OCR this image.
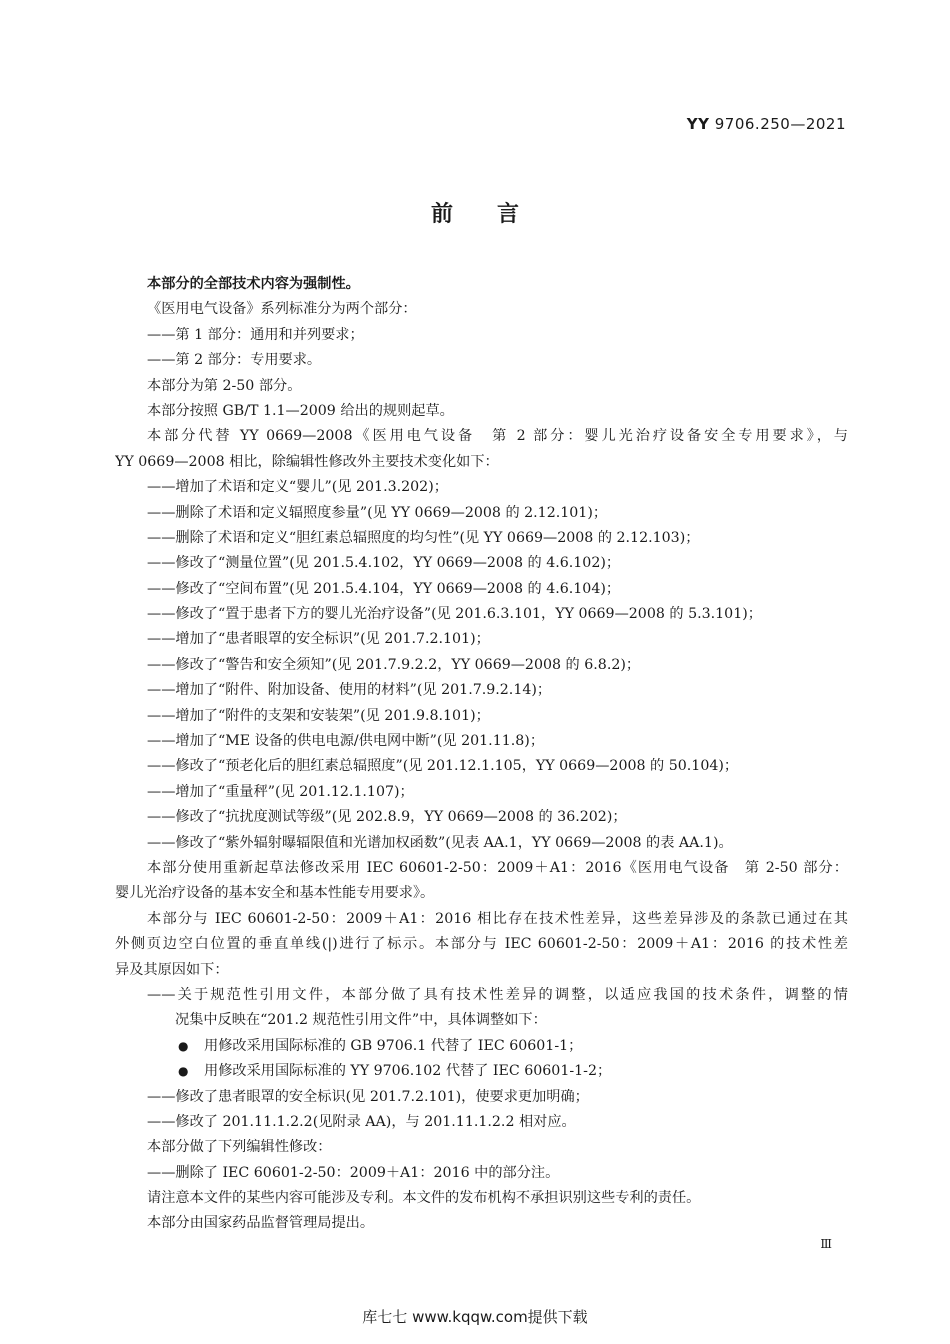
YY 9706.250—2021
前　　言
本部分的全部技术内容为强制性。
《医用电气设备》系列标准分为两个部分：
——第 1 部分：通用和并列要求；
——第 2 部分：专用要求。
本部分为第 2-50 部分。
本部分按照 GB/T 1.1—2009 给出的规则起草。
本部分代替 YY 0669—2008《医用电气设备　第 2 部分：婴儿光治疗设备安全专用要求》，与
YY 0669—2008 相比，除编辑性修改外主要技术变化如下：
——增加了术语和定义“婴儿”(见 201.3.202)；
——删除了术语和定义辐照度参量”(见 YY 0669—2008 的 2.12.101)；
——删除了术语和定义“胆红素总辐照度的均匀性”(见 YY 0669—2008 的 2.12.103)；
——修改了“测量位置”(见 201.5.4.102，YY 0669—2008 的 4.6.102)；
——修改了“空间布置”(见 201.5.4.104，YY 0669—2008 的 4.6.104)；
——修改了“置于患者下方的婴儿光治疗设备”(见 201.6.3.101，YY 0669—2008 的 5.3.101)；
——增加了“患者眼罩的安全标识”(见 201.7.2.101)；
——修改了“警告和安全须知”(见 201.7.9.2.2，YY 0669—2008 的 6.8.2)；
——增加了“附件、附加设备、使用的材料”(见 201.7.9.2.14)；
——增加了“附件的支架和安装架”(见 201.9.8.101)；
——增加了“ME 设备的供电电源/供电网中断”(见 201.11.8)；
——修改了“预老化后的胆红素总辐照度”(见 201.12.1.105，YY 0669—2008 的 50.104)；
——增加了“重量秤”(见 201.12.1.107)；
——修改了“抗扰度测试等级”(见 202.8.9，YY 0669—2008 的 36.202)；
——修改了“紫外辐射曝辐限值和光谱加权函数”(见表 AA.1，YY 0669—2008 的表 AA.1)。
本部分使用重新起草法修改采用 IEC 60601-2-50：2009＋A1：2016《医用电气设备　第 2-50 部分：
婴儿光治疗设备的基本安全和基本性能专用要求》。
本部分与 IEC 60601-2-50：2009＋A1：2016 相比存在技术性差异，这些差异涉及的条款已通过在其
外侧页边空白位置的垂直单线(|)进行了标示。本部分与 IEC 60601-2-50：2009＋A1：2016 的技术性差
异及其原因如下：
——关于规范性引用文件，本部分做了具有技术性差异的调整，以适应我国的技术条件，调整的情
况集中反映在“201.2 规范性引用文件”中，具体调整如下：
● 用修改采用国际标准的 GB 9706.1 代替了 IEC 60601-1；
● 用修改采用国际标准的 YY 9706.102 代替了 IEC 60601-1-2；
——修改了患者眼罩的安全标识(见 201.7.2.101)，使要求更加明确；
——修改了 201.11.1.2.2(见附录 AA)，与 201.11.1.2.2 相对应。
本部分做了下列编辑性修改：
——删除了 IEC 60601-2-50：2009＋A1：2016 中的部分注。
请注意本文件的某些内容可能涉及专利。本文件的发布机构不承担识别这些专利的责任。
本部分由国家药品监督管理局提出。
Ⅲ
库七七 www.kqqw.com提供下载
